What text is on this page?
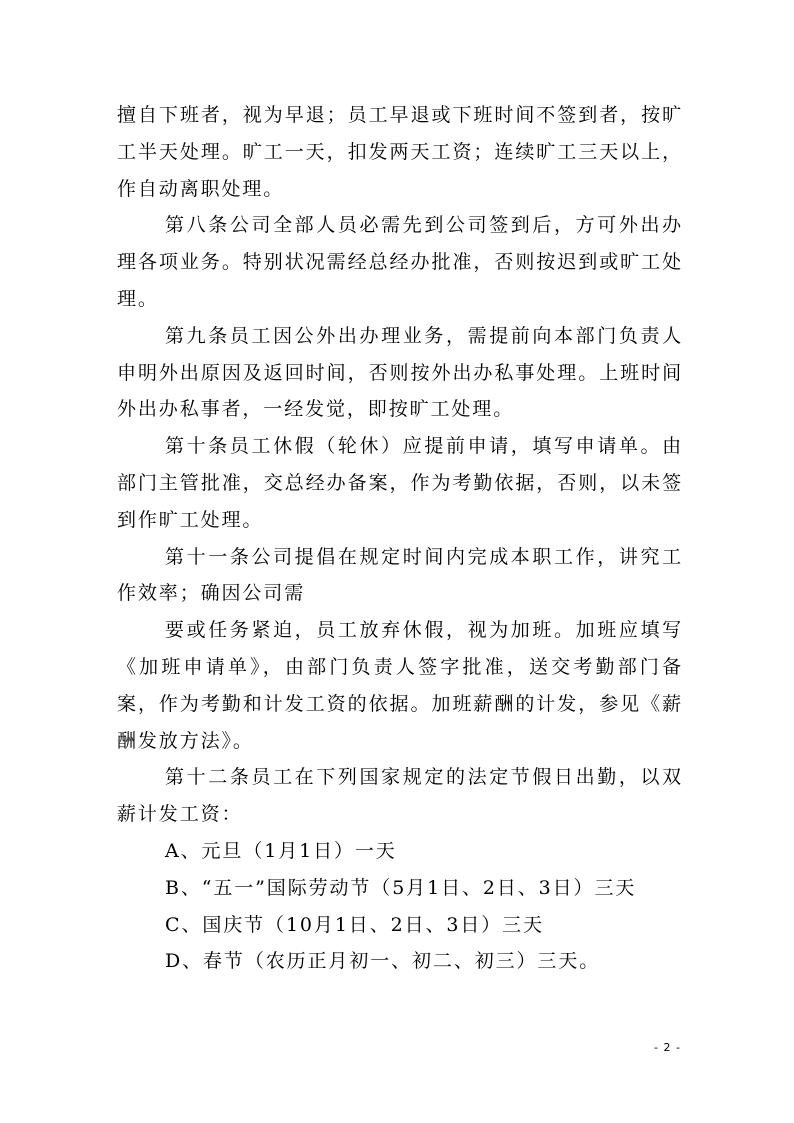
擅自下班者，视为早退；员工早退或下班时间不签到者，按旷工半天处理。旷工一天，扣发两天工资；连续旷工三天以上，作自动离职处理。

第八条公司全部人员必需先到公司签到后，方可外出办理各项业务。特别状况需经总经办批准，否则按迟到或旷工处理。

第九条员工因公外出办理业务，需提前向本部门负责人申明外出原因及返回时间，否则按外出办私事处理。上班时间外出办私事者，一经发觉，即按旷工处理。

第十条员工休假（轮休）应提前申请，填写申请单。由部门主管批准，交总经办备案，作为考勤依据，否则，以未签到作旷工处理。

第十一条公司提倡在规定时间内完成本职工作，讲究工作效率；确因公司需

要或任务紧迫，员工放弃休假，视为加班。加班应填写《加班申请单》，由部门负责人签字批准，送交考勤部门备案，作为考勤和计发工资的依据。加班薪酬的计发，参见《薪酬发放方法》。

第十二条员工在下列国家规定的法定节假日出勤，以双薪计发工资：

A、元旦（1月1日）一天

B、“五一”国际劳动节（5月1日、2日、3日）三天

C、国庆节（10月1日、2日、3日）三天

D、春节（农历正月初一、初二、初三）三天。

- 2 -
